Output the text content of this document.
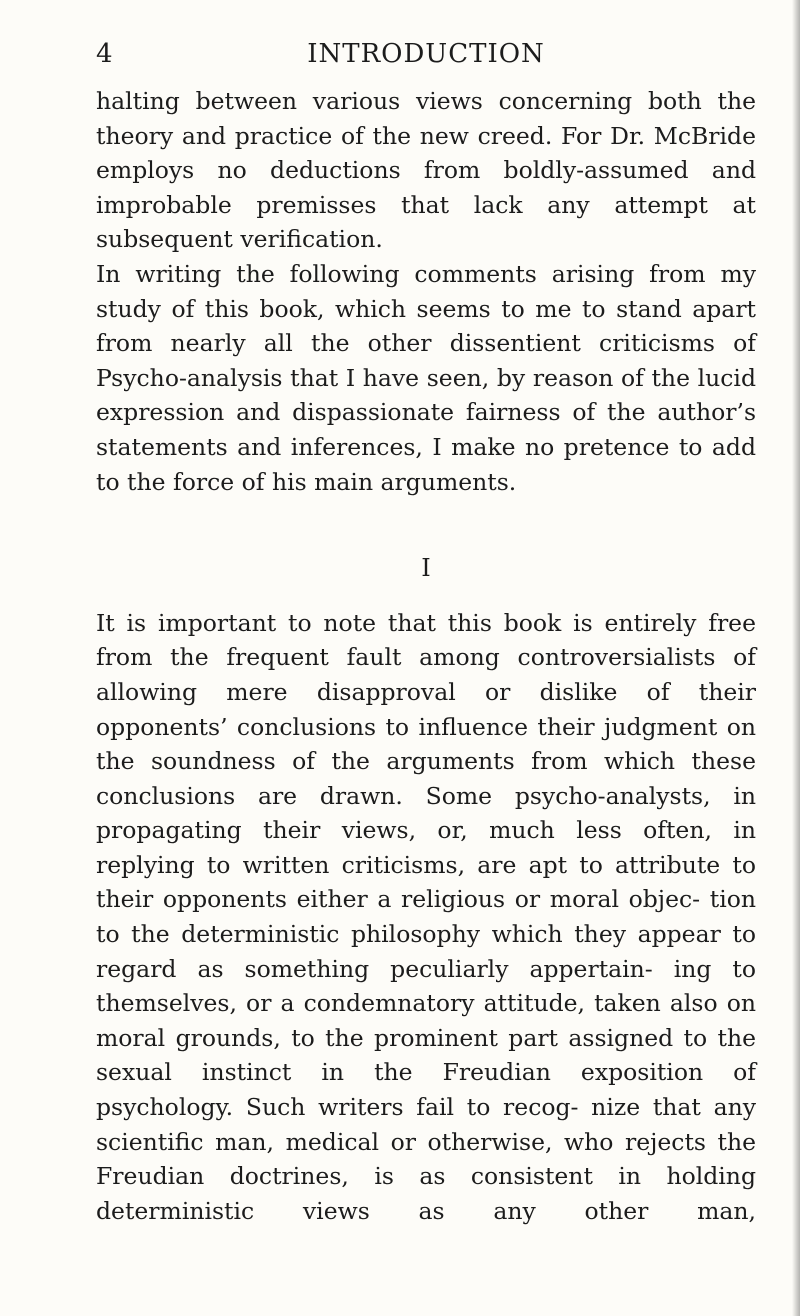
4	INTRODUCTION

halting between various views concerning both the theory and practice of the new creed. For Dr. McBride employs no deductions from boldly-assumed and improbable premisses that lack any attempt at subsequent verification.

In writing the following comments arising from my study of this book, which seems to me to stand apart from nearly all the other dissentient criticisms of Psycho-analysis that I have seen, by reason of the lucid expression and dispassionate fairness of the author’s statements and inferences, I make no pretence to add to the force of his main arguments.

I

It is important to note that this book is entirely free from the frequent fault among controversialists of allowing mere disapproval or dislike of their opponents’ conclusions to influence their judgment on the soundness of the arguments from which these conclusions are drawn. Some psycho-analysts, in propagating their views, or, much less often, in replying to written criticisms, are apt to attribute to their opponents either a religious or moral objec- tion to the deterministic philosophy which they appear to regard as something peculiarly appertain- ing to themselves, or a condemnatory attitude, taken also on moral grounds, to the prominent part assigned to the sexual instinct in the Freudian exposition of psychology. Such writers fail to recog- nize that any scientific man, medical or otherwise, who rejects the Freudian doctrines, is as consistent in holding deterministic views as any other man,
